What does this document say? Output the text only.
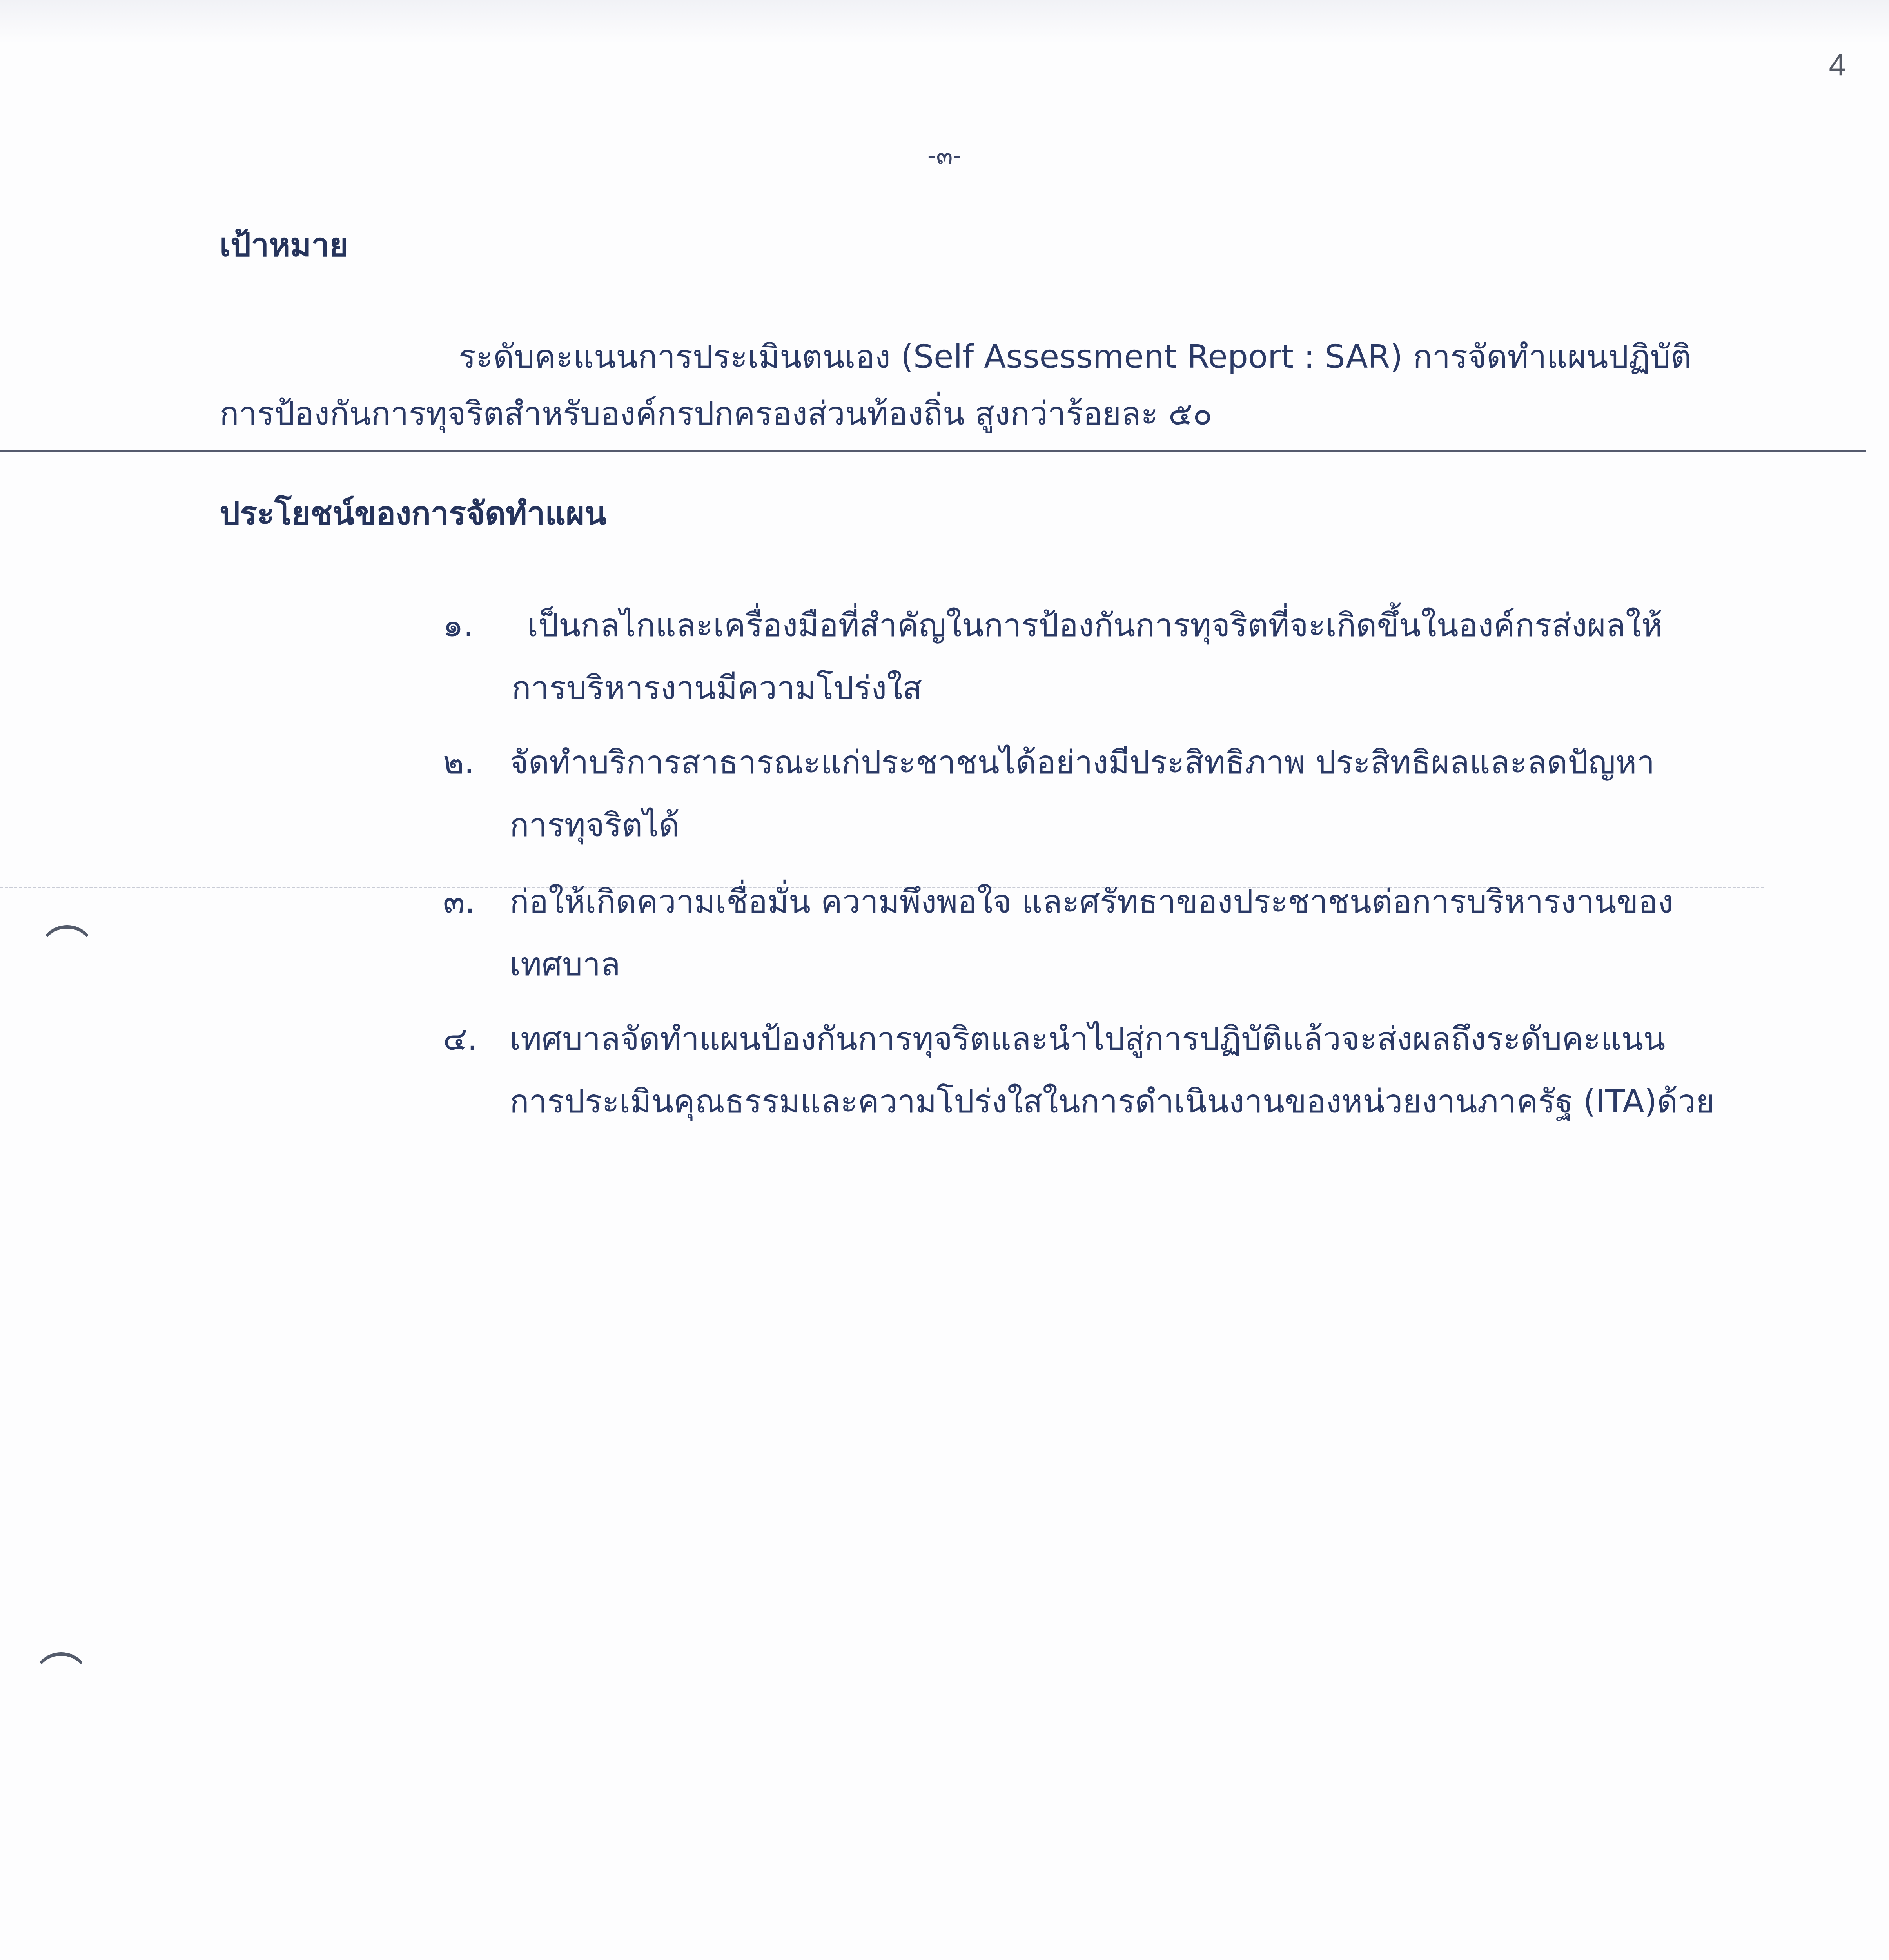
4
-๓-
เป้าหมาย
ระดับคะแนนการประเมินตนเอง (Self Assessment Report : SAR) การจัดทำแผนปฏิบัติ
การป้องกันการทุจริตสำหรับองค์กรปกครองส่วนท้องถิ่น สูงกว่าร้อยละ ๕๐
ประโยชน์ของการจัดทำแผน
๑. เป็นกลไกและเครื่องมือที่สำคัญในการป้องกันการทุจริตที่จะเกิดขึ้นในองค์กรส่งผลให้
การบริหารงานมีความโปร่งใส
๒. จัดทำบริการสาธารณะแก่ประชาชนได้อย่างมีประสิทธิภาพ ประสิทธิผลและลดปัญหา
การทุจริตได้
๓. ก่อให้เกิดความเชื่อมั่น ความพึงพอใจ และศรัทธาของประชาชนต่อการบริหารงานของ
เทศบาล
๔. เทศบาลจัดทำแผนป้องกันการทุจริตและนำไปสู่การปฏิบัติแล้วจะส่งผลถึงระดับคะแนน
การประเมินคุณธรรมและความโปร่งใสในการดำเนินงานของหน่วยงานภาครัฐ (ITA)ด้วย
